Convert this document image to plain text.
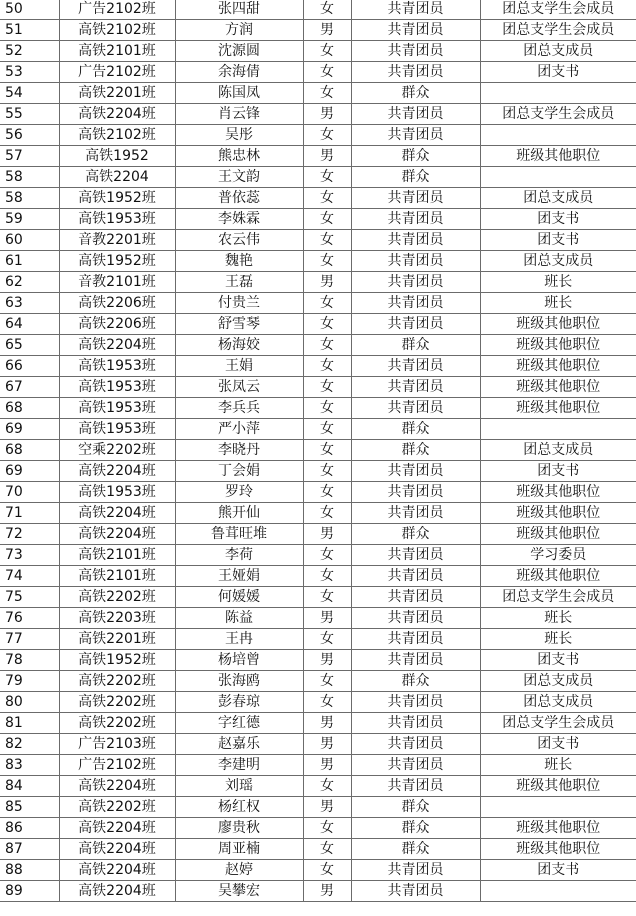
50	广告2102班	张四甜	女	共青团员	团总支学生会成员
51	高铁2102班	方润	男	共青团员	团总支学生会成员
52	高铁2101班	沈源圆	女	共青团员	团总支成员
53	广告2102班	余海倩	女	共青团员	团支书
54	高铁2201班	陈国凤	女	群众	
55	高铁2204班	肖云锋	男	共青团员	团总支学生会成员
56	高铁2102班	吴彤	女	共青团员	
57	高铁1952	熊忠林	男	群众	班级其他职位
58	高铁2204	王文韵	女	群众	
58	高铁1952班	普依蕊	女	共青团员	团总支成员
59	高铁1953班	李姝霖	女	共青团员	团支书
60	音教2201班	农云伟	女	共青团员	团支书
61	高铁1952班	魏艳	女	共青团员	团总支成员
62	音教2101班	王磊	男	共青团员	班长
63	高铁2206班	付贵兰	女	共青团员	班长
64	高铁2206班	舒雪琴	女	共青团员	班级其他职位
65	高铁2204班	杨海姣	女	群众	班级其他职位
66	高铁1953班	王娟	女	共青团员	班级其他职位
67	高铁1953班	张凤云	女	共青团员	班级其他职位
68	高铁1953班	李兵兵	女	共青团员	班级其他职位
69	高铁1953班	严小萍	女	群众	
68	空乘2202班	李晓丹	女	群众	团总支成员
69	高铁2204班	丁会娟	女	共青团员	团支书
70	高铁1953班	罗玲	女	共青团员	班级其他职位
71	高铁2204班	熊开仙	女	共青团员	班级其他职位
72	高铁2204班	鲁茸旺堆	男	群众	班级其他职位
73	高铁2101班	李荷	女	共青团员	学习委员
74	高铁2101班	王娅娟	女	共青团员	班级其他职位
75	高铁2202班	何媛媛	女	共青团员	团总支学生会成员
76	高铁2203班	陈益	男	共青团员	班长
77	高铁2201班	王冉	女	共青团员	班长
78	高铁1952班	杨培曾	男	共青团员	团支书
79	高铁2202班	张海鸥	女	群众	团总支成员
80	高铁2202班	彭春琼	女	共青团员	团总支成员
81	高铁2202班	字红德	男	共青团员	团总支学生会成员
82	广告2103班	赵嘉乐	男	共青团员	团支书
83	广告2102班	李建明	男	共青团员	班长
84	高铁2204班	刘瑶	女	共青团员	班级其他职位
85	高铁2202班	杨红权	男	群众	
86	高铁2204班	廖贵秋	女	群众	班级其他职位
87	高铁2204班	周亚楠	女	群众	班级其他职位
88	高铁2204班	赵婷	女	共青团员	团支书
89	高铁2204班	吴攀宏	男	共青团员	
